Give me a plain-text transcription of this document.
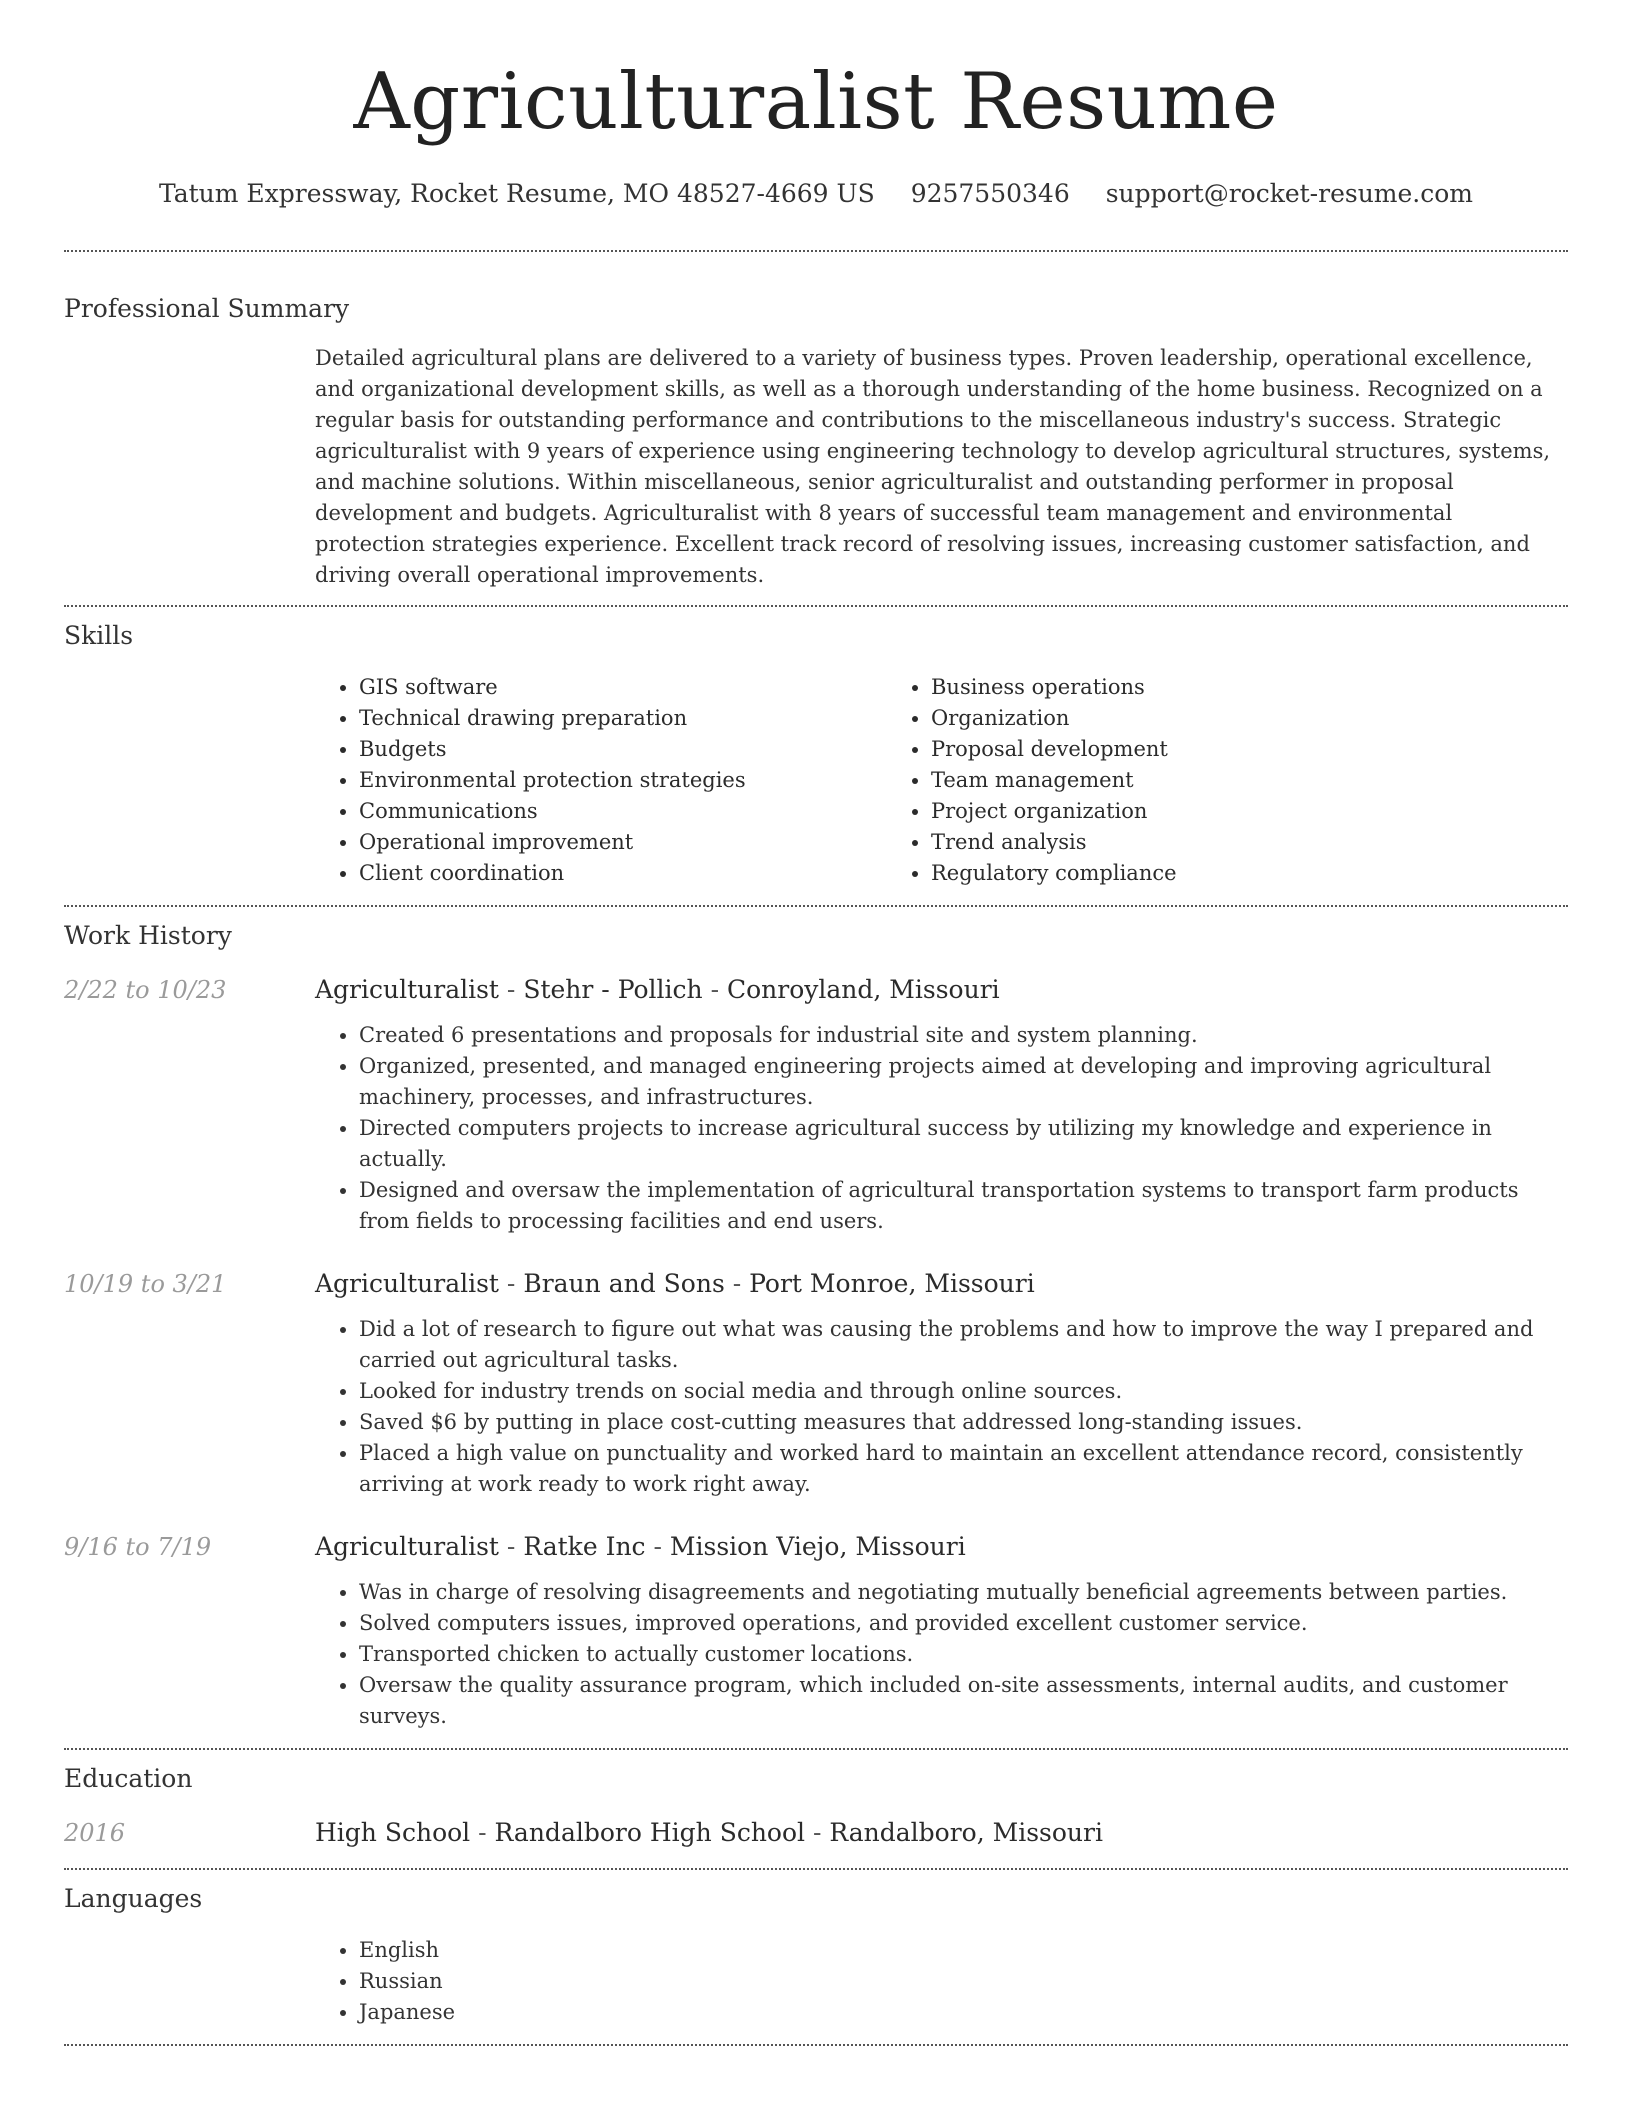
Agriculturalist Resume
Tatum Expressway, Rocket Resume, MO 48527-4669 US 9257550346 support@rocket-resume.com
Professional Summary

Detailed agricultural plans are delivered to a variety of business types. Proven leadership, operational excellence, and organizational development skills, as well as a thorough understanding of the home business. Recognized on a regular basis for outstanding performance and contributions to the miscellaneous industry's success. Strategic agriculturalist with 9 years of experience using engineering technology to develop agricultural structures, systems, and machine solutions. Within miscellaneous, senior agriculturalist and outstanding performer in proposal development and budgets. Agriculturalist with 8 years of successful team management and environmental protection strategies experience. Excellent track record of resolving issues, increasing customer satisfaction, and driving overall operational improvements.

Skills
• GIS software
• Technical drawing preparation
• Budgets
• Environmental protection strategies
• Communications
• Operational improvement
• Client coordination
• Business operations
• Organization
• Proposal development
• Team management
• Project organization
• Trend analysis
• Regulatory compliance
Work History
2/22 to 10/23	Agriculturalist - Stehr - Pollich - Conroyland, Missouri
• Created 6 presentations and proposals for industrial site and system planning.
• Organized, presented, and managed engineering projects aimed at developing and improving agricultural machinery, processes, and infrastructures.
• Directed computers projects to increase agricultural success by utilizing my knowledge and experience in actually.
• Designed and oversaw the implementation of agricultural transportation systems to transport farm products from fields to processing facilities and end users.
10/19 to 3/21	Agriculturalist - Braun and Sons - Port Monroe, Missouri
• Did a lot of research to figure out what was causing the problems and how to improve the way I prepared and carried out agricultural tasks.
• Looked for industry trends on social media and through online sources.
• Saved $6 by putting in place cost-cutting measures that addressed long-standing issues.
• Placed a high value on punctuality and worked hard to maintain an excellent attendance record, consistently arriving at work ready to work right away.
9/16 to 7/19	Agriculturalist - Ratke Inc - Mission Viejo, Missouri
• Was in charge of resolving disagreements and negotiating mutually beneficial agreements between parties.
• Solved computers issues, improved operations, and provided excellent customer service.
• Transported chicken to actually customer locations.
• Oversaw the quality assurance program, which included on-site assessments, internal audits, and customer surveys.
Education
2016	High School - Randalboro High School - Randalboro, Missouri
Languages
• English
• Russian
• Japanese
